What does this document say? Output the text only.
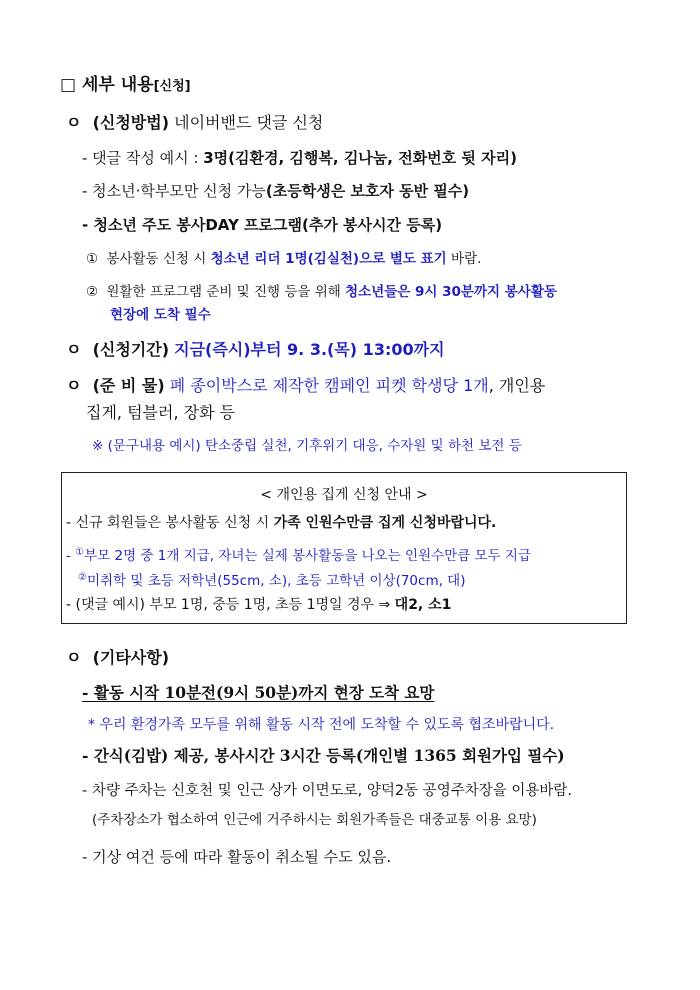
□ 세부 내용[신청]
ㅇ (신청방법) 네이버밴드 댓글 신청
- 댓글 작성 예시 : 3명(김환경, 김행복, 김나눔, 전화번호 뒷 자리)
- 청소년·학부모만 신청 가능(초등학생은 보호자 동반 필수)
- 청소년 주도 봉사DAY 프로그램(추가 봉사시간 등록)
① 봉사활동 신청 시 청소년 리더 1명(김실천)으로 별도 표기 바람.
② 원활한 프로그램 준비 및 진행 등을 위해 청소년들은 9시 30분까지 봉사활동
현장에 도착 필수
ㅇ (신청기간) 지금(즉시)부터 9. 3.(목) 13:00까지
ㅇ (준 비 물) 폐 종이박스로 제작한 캠페인 피켓 학생당 1개, 개인용
집게, 텀블러, 장화 등
※ (문구내용 예시) 탄소중립 실천, 기후위기 대응, 수자원 및 하천 보전 등
< 개인용 집게 신청 안내 >
- 신규 회원들은 봉사활동 신청 시 가족 인원수만큼 집게 신청바랍니다.
- ①부모 2명 중 1개 지급, 자녀는 실제 봉사활동을 나오는 인원수만큼 모두 지급
②미취학 및 초등 저학년(55cm, 소), 초등 고학년 이상(70cm, 대)
- (댓글 예시) 부모 1명, 중등 1명, 초등 1명일 경우 ⇒ 대2, 소1
ㅇ (기타사항)
- 활동 시작 10분전(9시 50분)까지 현장 도착 요망
* 우리 환경가족 모두를 위해 활동 시작 전에 도착할 수 있도록 협조바랍니다.
- 간식(김밥) 제공, 봉사시간 3시간 등록(개인별 1365 회원가입 필수)
- 차량 주차는 신호천 및 인근 상가 이면도로, 양덕2동 공영주차장을 이용바람.
(주차장소가 협소하여 인근에 거주하시는 회원가족들은 대중교통 이용 요망)
- 기상 여건 등에 따라 활동이 취소될 수도 있음.
